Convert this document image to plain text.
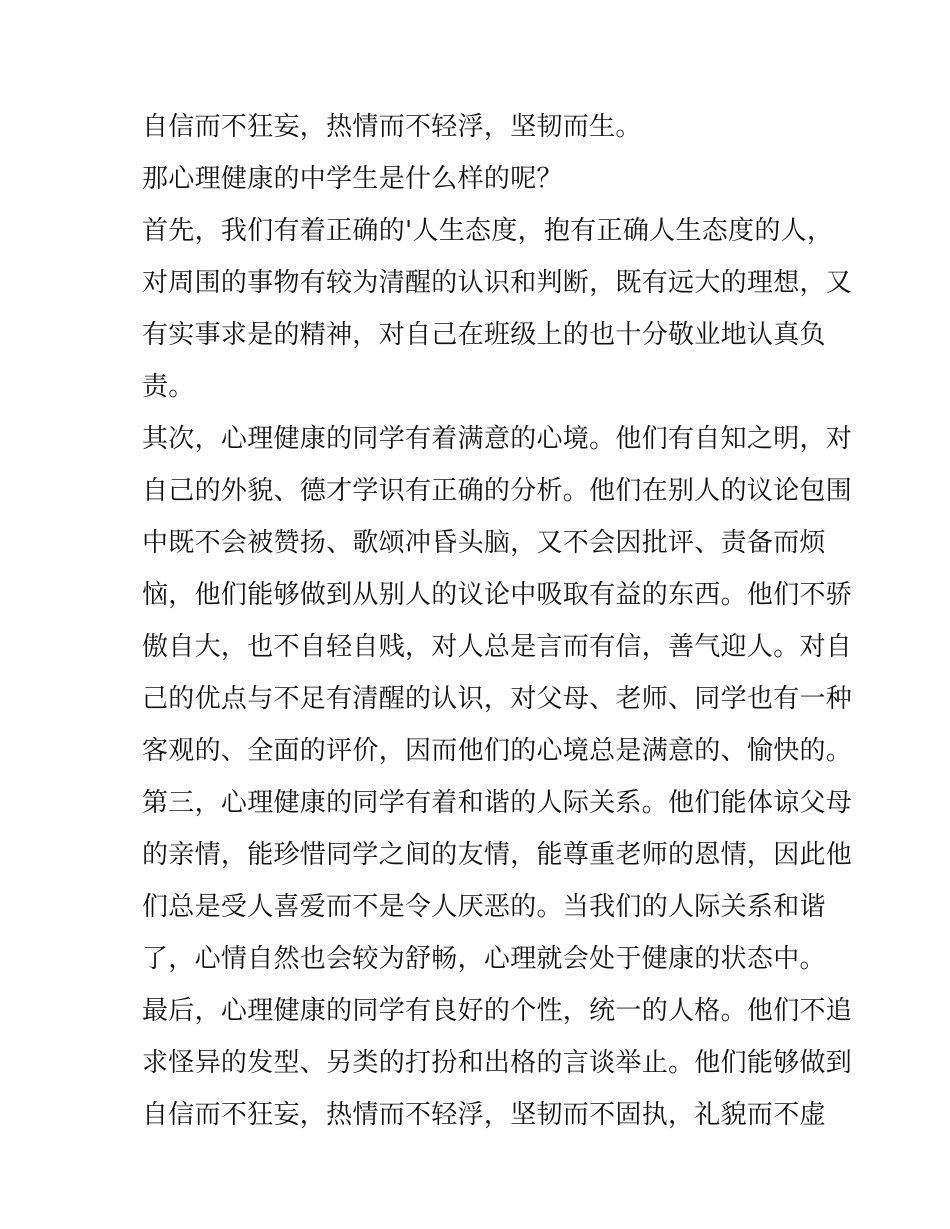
自信而不狂妄，热情而不轻浮，坚韧而生。
那心理健康的中学生是什么样的呢？
首先，我们有着正确的'人生态度，抱有正确人生态度的人，
对周围的事物有较为清醒的认识和判断，既有远大的理想，又
有实事求是的精神，对自己在班级上的也十分敬业地认真负
责。
其次，心理健康的同学有着满意的心境。他们有自知之明，对
自己的外貌、德才学识有正确的分析。他们在别人的议论包围
中既不会被赞扬、歌颂冲昏头脑，又不会因批评、责备而烦
恼，他们能够做到从别人的议论中吸取有益的东西。他们不骄
傲自大，也不自轻自贱，对人总是言而有信，善气迎人。对自
己的优点与不足有清醒的认识，对父母、老师、同学也有一种
客观的、全面的评价，因而他们的心境总是满意的、愉快的。
第三，心理健康的同学有着和谐的人际关系。他们能体谅父母
的亲情，能珍惜同学之间的友情，能尊重老师的恩情，因此他
们总是受人喜爱而不是令人厌恶的。当我们的人际关系和谐
了，心情自然也会较为舒畅，心理就会处于健康的状态中。
最后，心理健康的同学有良好的个性，统一的人格。他们不追
求怪异的发型、另类的打扮和出格的言谈举止。他们能够做到
自信而不狂妄，热情而不轻浮，坚韧而不固执，礼貌而不虚
